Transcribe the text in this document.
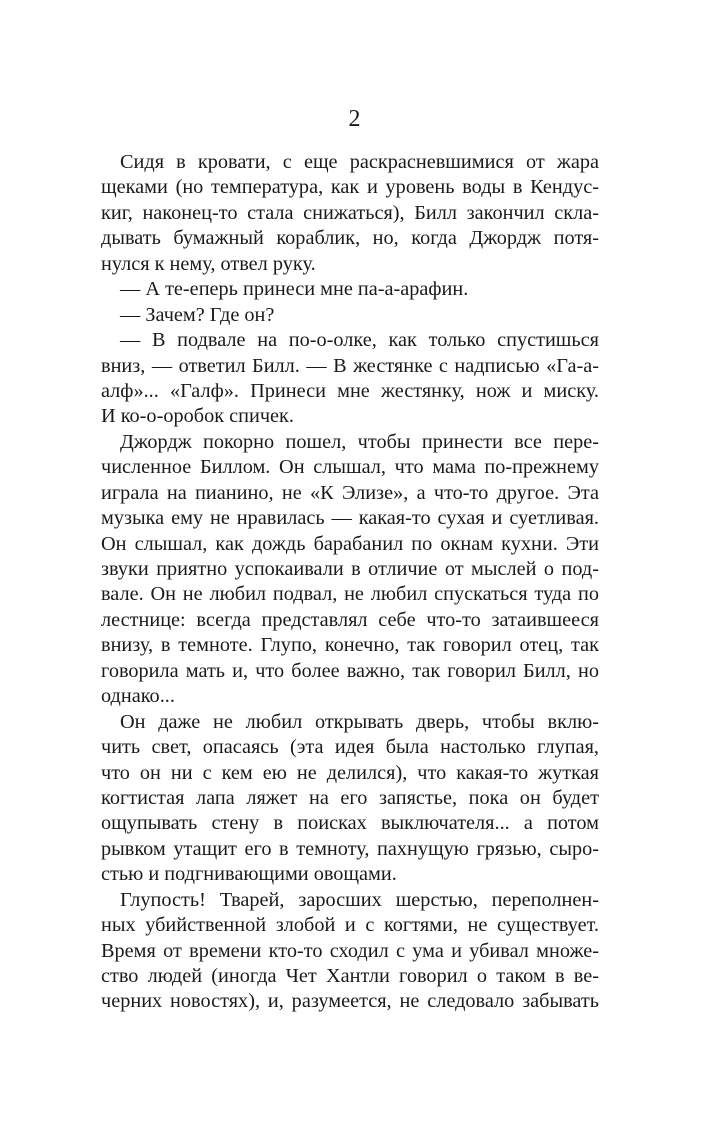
2
Сидя в кровати, с еще раскрасневшимися от жара
щеками (но температура, как и уровень воды в Кендус-
киг, наконец-то стала снижаться), Билл закончил скла-
дывать бумажный кораблик, но, когда Джордж потя-
нулся к нему, отвел руку.
— А те-еперь принеси мне па-а-арафин.
— Зачем? Где он?
— В подвале на по-о-олке, как только спустишься
вниз, — ответил Билл. — В жестянке с надписью «Га-а-
алф»... «Галф». Принеси мне жестянку, нож и миску.
И ко-о-оробок спичек.
Джордж покорно пошел, чтобы принести все пере-
численное Биллом. Он слышал, что мама по-прежнему
играла на пианино, не «К Элизе», а что-то другое. Эта
музыка ему не нравилась — какая-то сухая и суетливая.
Он слышал, как дождь барабанил по окнам кухни. Эти
звуки приятно успокаивали в отличие от мыслей о под-
вале. Он не любил подвал, не любил спускаться туда по
лестнице: всегда представлял себе что-то затаившееся
внизу, в темноте. Глупо, конечно, так говорил отец, так
говорила мать и, что более важно, так говорил Билл, но
однако...
Он даже не любил открывать дверь, чтобы вклю-
чить свет, опасаясь (эта идея была настолько глупая,
что он ни с кем ею не делился), что какая-то жуткая
когтистая лапа ляжет на его запястье, пока он будет
ощупывать стену в поисках выключателя... а потом
рывком утащит его в темноту, пахнущую грязью, сыро-
стью и подгнивающими овощами.
Глупость! Тварей, заросших шерстью, переполнен-
ных убийственной злобой и с когтями, не существует.
Время от времени кто-то сходил с ума и убивал множе-
ство людей (иногда Чет Хантли говорил о таком в ве-
черних новостях), и, разумеется, не следовало забывать
